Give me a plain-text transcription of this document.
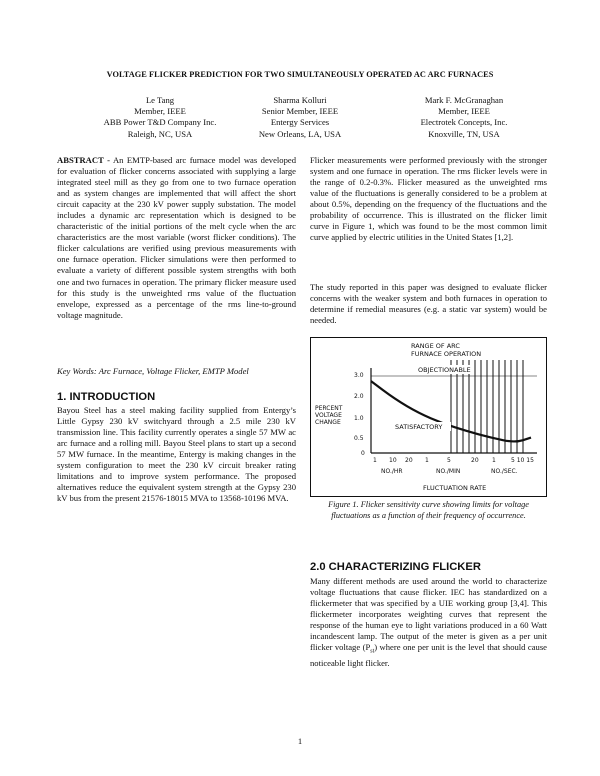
VOLTAGE FLICKER PREDICTION FOR TWO SIMULTANEOUSLY OPERATED AC ARC FURNACES
Le Tang
Member, IEEE
ABB Power T&D Company Inc.
Raleigh, NC, USA
Sharma Kolluri
Senior Member, IEEE
Entergy Services
New Orleans, LA, USA
Mark F. McGranaghan
Member, IEEE
Electrotek Concepts, Inc.
Knoxville, TN, USA

ABSTRACT - An EMTP-based arc furnace model was developed for evaluation of flicker concerns associated with supplying a large integrated steel mill as they go from one to two furnace operation and as system changes are implemented that will affect the short circuit capacity at the 230 kV power supply substation. The model includes a dynamic arc representation which is designed to be characteristic of the initial portions of the melt cycle when the arc characteristics are the most variable (worst flicker conditions). The flicker calculations are verified using previous measurements with one furnace operation. Flicker simulations were then performed to evaluate a variety of different possible system strengths with both one and two furnaces in operation. The primary flicker measure used for this study is the unweighted rms value of the fluctuation envelope, expressed as a percentage of the rms line-to-ground voltage magnitude.

Key Words: Arc Furnace, Voltage Flicker, EMTP Model
1. INTRODUCTION
Bayou Steel has a steel making facility supplied from Entergy’s Little Gypsy 230 kV switchyard through a 2.5 mile 230 kV transmission line. This facility currently operates a single 57 MW ac arc furnace and a rolling mill. Bayou Steel plans to start up a second 57 MW furnace. In the meantime, Entergy is making changes in the system configuration to meet the 230 kV circuit breaker rating limitations and to improve system performance. The proposed alternatives reduce the equivalent system strength at the Gypsy 230 kV bus from the present 21576-18015 MVA to 13568-10196 MVA.
Flicker measurements were performed previously with the stronger system and one furnace in operation. The rms flicker levels were in the range of 0.2-0.3%. Flicker measured as the unweighted rms value of the fluctuations is generally considered to be a problem at about 0.5%, depending on the frequency of the fluctuations and the probability of occurrence. This is illustrated on the flicker limit curve in Figure 1, which was found to be the most common limit curve applied by electric utilities in the United States [1,2].
The study reported in this paper was designed to evaluate flicker concerns with the weaker system and both furnaces in operation to determine if remedial measures (e.g. a static var system) would be needed.
RANGE OF ARC
FURNACE OPERATION
OBJECTIONABLE
SATISFACTORY
PERCENT
VOLTAGE
CHANGE
3.0
2.0
1.0
0.5
0
1 10 20 1	5	20 1	5 10 15
NO./HR	NO./MIN	NO./SEC.
FLUCTUATION RATE
Figure 1. Flicker sensitivity curve showing limits for voltage fluctuations as a function of their frequency of occurrence.
2.0 CHARACTERIZING FLICKER
Many different methods are used around the world to characterize voltage fluctuations that cause flicker. IEC has standardized on a flickermeter that was specified by a UIE working group [3,4]. This flickermeter incorporates weighting curves that represent the response of the human eye to light variations produced in a 60 Watt incandescent lamp. The output of the meter is given as a per unit flicker voltage $(P_{st})$ where one per unit is the level that should cause noticeable light flicker.
1
